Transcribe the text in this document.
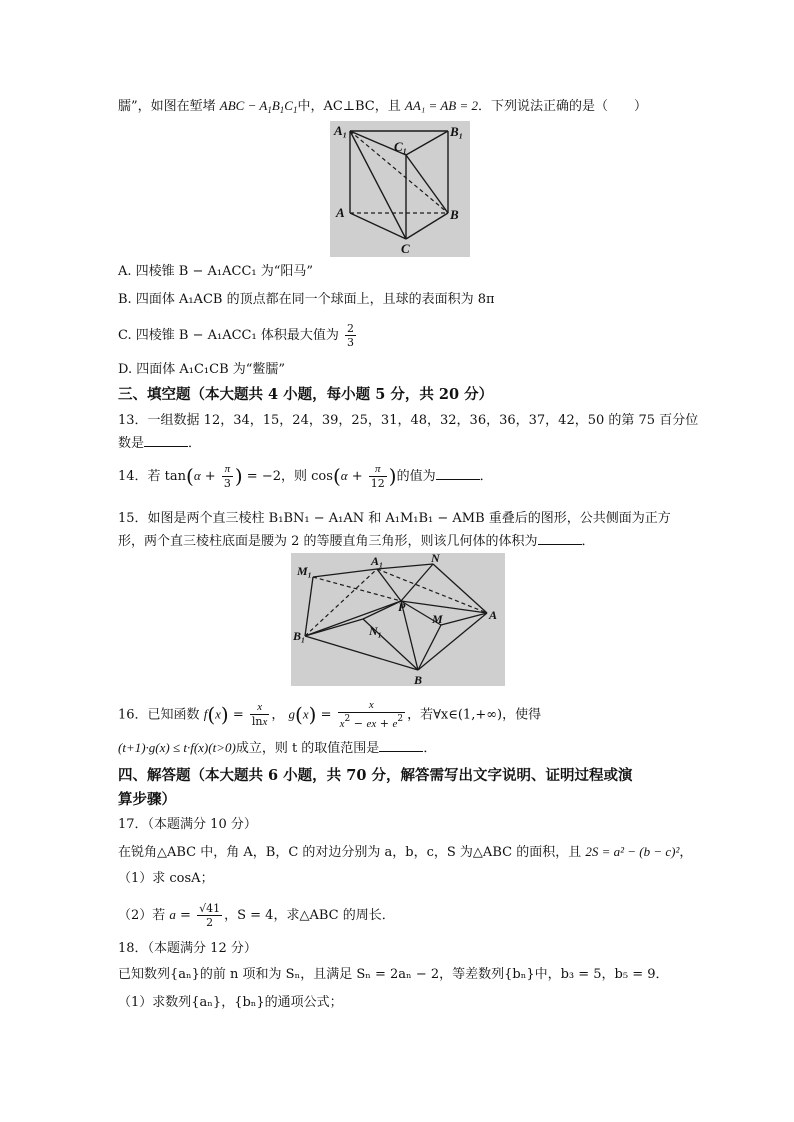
臑”，如图在堑堵 ABC − $A_1B_1C_1$中，AC⊥BC，且 AA₁ = AB = 2．下列说法正确的是（　　）
A₁	B₁
C₁
A	B
C
A. 四棱锥 B − A₁ACC₁ 为“阳马”
B. 四面体 A₁ACB 的顶点都在同一个球面上，且球的表面积为 8π
C. 四棱锥 B − A₁ACC₁ 体积最大值为 $\frac{2}{3}$
D. 四面体 A₁C₁CB 为“鳖臑”
三、填空题（本大题共 4 小题，每小题 5 分，共 20 分）
13．一组数据 12，34，15，24，39，25，31，48，32，36，36，37，42，50 的第 75 百分位
数是	．
14．若 $\tan(\alpha + \frac{\pi}{3}$ ) = −2，则 $\cos(\alpha + \frac{\pi}{12}$ )的值为	．
15．如图是两个直三棱柱 B₁BN₁ − A₁AN 和 A₁M₁B₁ − AMB 重叠后的图形，公共侧面为正方
形，两个直三棱柱底面是腰为 2 的等腰直角三角形，则该几何体的体积为	．
M₁
A₁	N
P
A
B₁	N₁
M
B
16．已知函数 $f(x) = \frac{x}{\ln x}$ ， $g(x) = \frac{x}{x^2 - ex + e^2}$ ，若∀x∈(1,+∞)，使得
(t+1)·g(x) ≤ t·f(x)(t>0)成立，则 t 的取值范围是	．
四、解答题（本大题共 6 小题，共 70 分，解答需写出文字说明、证明过程或演
算步骤）
17．（本题满分 10 分）
在锐角△ABC 中，角 A，B，C 的对边分别为 a，b，c，S 为△ABC 的面积，且 2S = a² − (b − c)²，
（1）求 cosA；
（2）若 $a = \frac{√41}{2}$ ，S = 4，求△ABC 的周长．
18．（本题满分 12 分）
已知数列{aₙ}的前 n 项和为 Sₙ，且满足 Sₙ = 2aₙ − 2，等差数列{bₙ}中，b₃ = 5，b₅ = 9．
（1）求数列{aₙ}，{bₙ}的通项公式；
